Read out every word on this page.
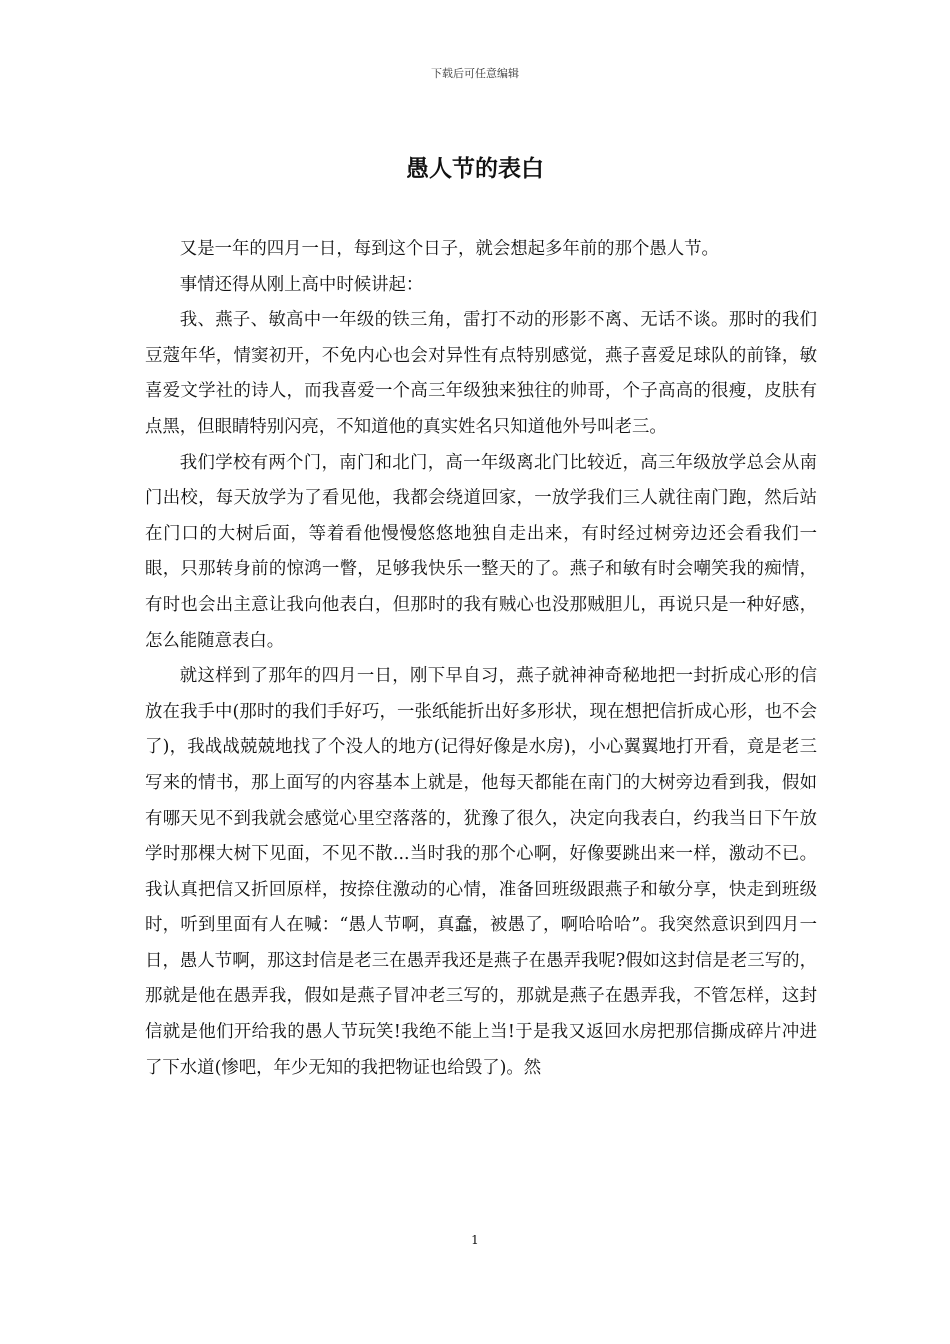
下载后可任意编辑
愚人节的表白

又是一年的四月一日，每到这个日子，就会想起多年前的那个愚人节。

事情还得从刚上高中时候讲起：

我、燕子、敏高中一年级的铁三角，雷打不动的形影不离、无话不谈。那时的我们豆蔻年华，情窦初开，不免内心也会对异性有点特别感觉，燕子喜爱足球队的前锋，敏喜爱文学社的诗人，而我喜爱一个高三年级独来独往的帅哥，个子高高的很瘦，皮肤有点黑，但眼睛特别闪亮，不知道他的真实姓名只知道他外号叫老三。

我们学校有两个门，南门和北门，高一年级离北门比较近，高三年级放学总会从南门出校，每天放学为了看见他，我都会绕道回家，一放学我们三人就往南门跑，然后站在门口的大树后面，等着看他慢慢悠悠地独自走出来，有时经过树旁边还会看我们一眼，只那转身前的惊鸿一瞥，足够我快乐一整天的了。燕子和敏有时会嘲笑我的痴情，有时也会出主意让我向他表白，但那时的我有贼心也没那贼胆儿，再说只是一种好感，怎么能随意表白。

就这样到了那年的四月一日，刚下早自习，燕子就神神奇秘地把一封折成心形的信放在我手中(那时的我们手好巧，一张纸能折出好多形状，现在想把信折成心形，也不会了)，我战战兢兢地找了个没人的地方(记得好像是水房)，小心翼翼地打开看，竟是老三写来的情书，那上面写的内容基本上就是，他每天都能在南门的大树旁边看到我，假如有哪天见不到我就会感觉心里空落落的，犹豫了很久，决定向我表白，约我当日下午放学时那棵大树下见面，不见不散...当时我的那个心啊，好像要跳出来一样，激动不已。我认真把信又折回原样，按捺住激动的心情，准备回班级跟燕子和敏分享，快走到班级时，听到里面有人在喊：“愚人节啊，真蠢，被愚了，啊哈哈哈”。我突然意识到四月一日，愚人节啊，那这封信是老三在愚弄我还是燕子在愚弄我呢?假如这封信是老三写的，那就是他在愚弄我，假如是燕子冒冲老三写的，那就是燕子在愚弄我，不管怎样，这封信就是他们开给我的愚人节玩笑!我绝不能上当!于是我又返回水房把那信撕成碎片冲进了下水道(惨吧，年少无知的我把物证也给毁了)。然

1
